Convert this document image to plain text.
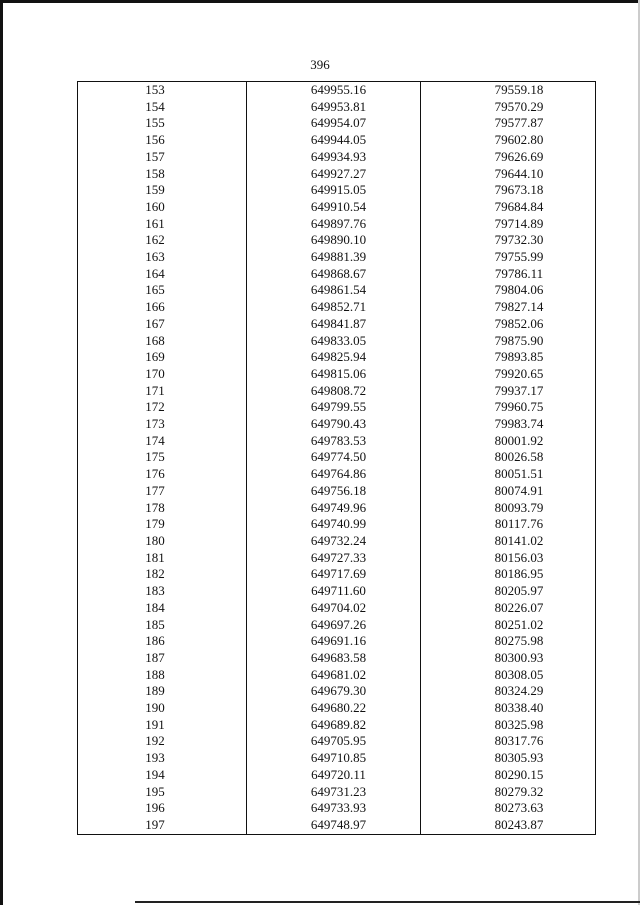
396
153	649955.16	79559.18
154	649953.81	79570.29
155	649954.07	79577.87
156	649944.05	79602.80
157	649934.93	79626.69
158	649927.27	79644.10
159	649915.05	79673.18
160	649910.54	79684.84
161	649897.76	79714.89
162	649890.10	79732.30
163	649881.39	79755.99
164	649868.67	79786.11
165	649861.54	79804.06
166	649852.71	79827.14
167	649841.87	79852.06
168	649833.05	79875.90
169	649825.94	79893.85
170	649815.06	79920.65
171	649808.72	79937.17
172	649799.55	79960.75
173	649790.43	79983.74
174	649783.53	80001.92
175	649774.50	80026.58
176	649764.86	80051.51
177	649756.18	80074.91
178	649749.96	80093.79
179	649740.99	80117.76
180	649732.24	80141.02
181	649727.33	80156.03
182	649717.69	80186.95
183	649711.60	80205.97
184	649704.02	80226.07
185	649697.26	80251.02
186	649691.16	80275.98
187	649683.58	80300.93
188	649681.02	80308.05
189	649679.30	80324.29
190	649680.22	80338.40
191	649689.82	80325.98
192	649705.95	80317.76
193	649710.85	80305.93
194	649720.11	80290.15
195	649731.23	80279.32
196	649733.93	80273.63
197	649748.97	80243.87
